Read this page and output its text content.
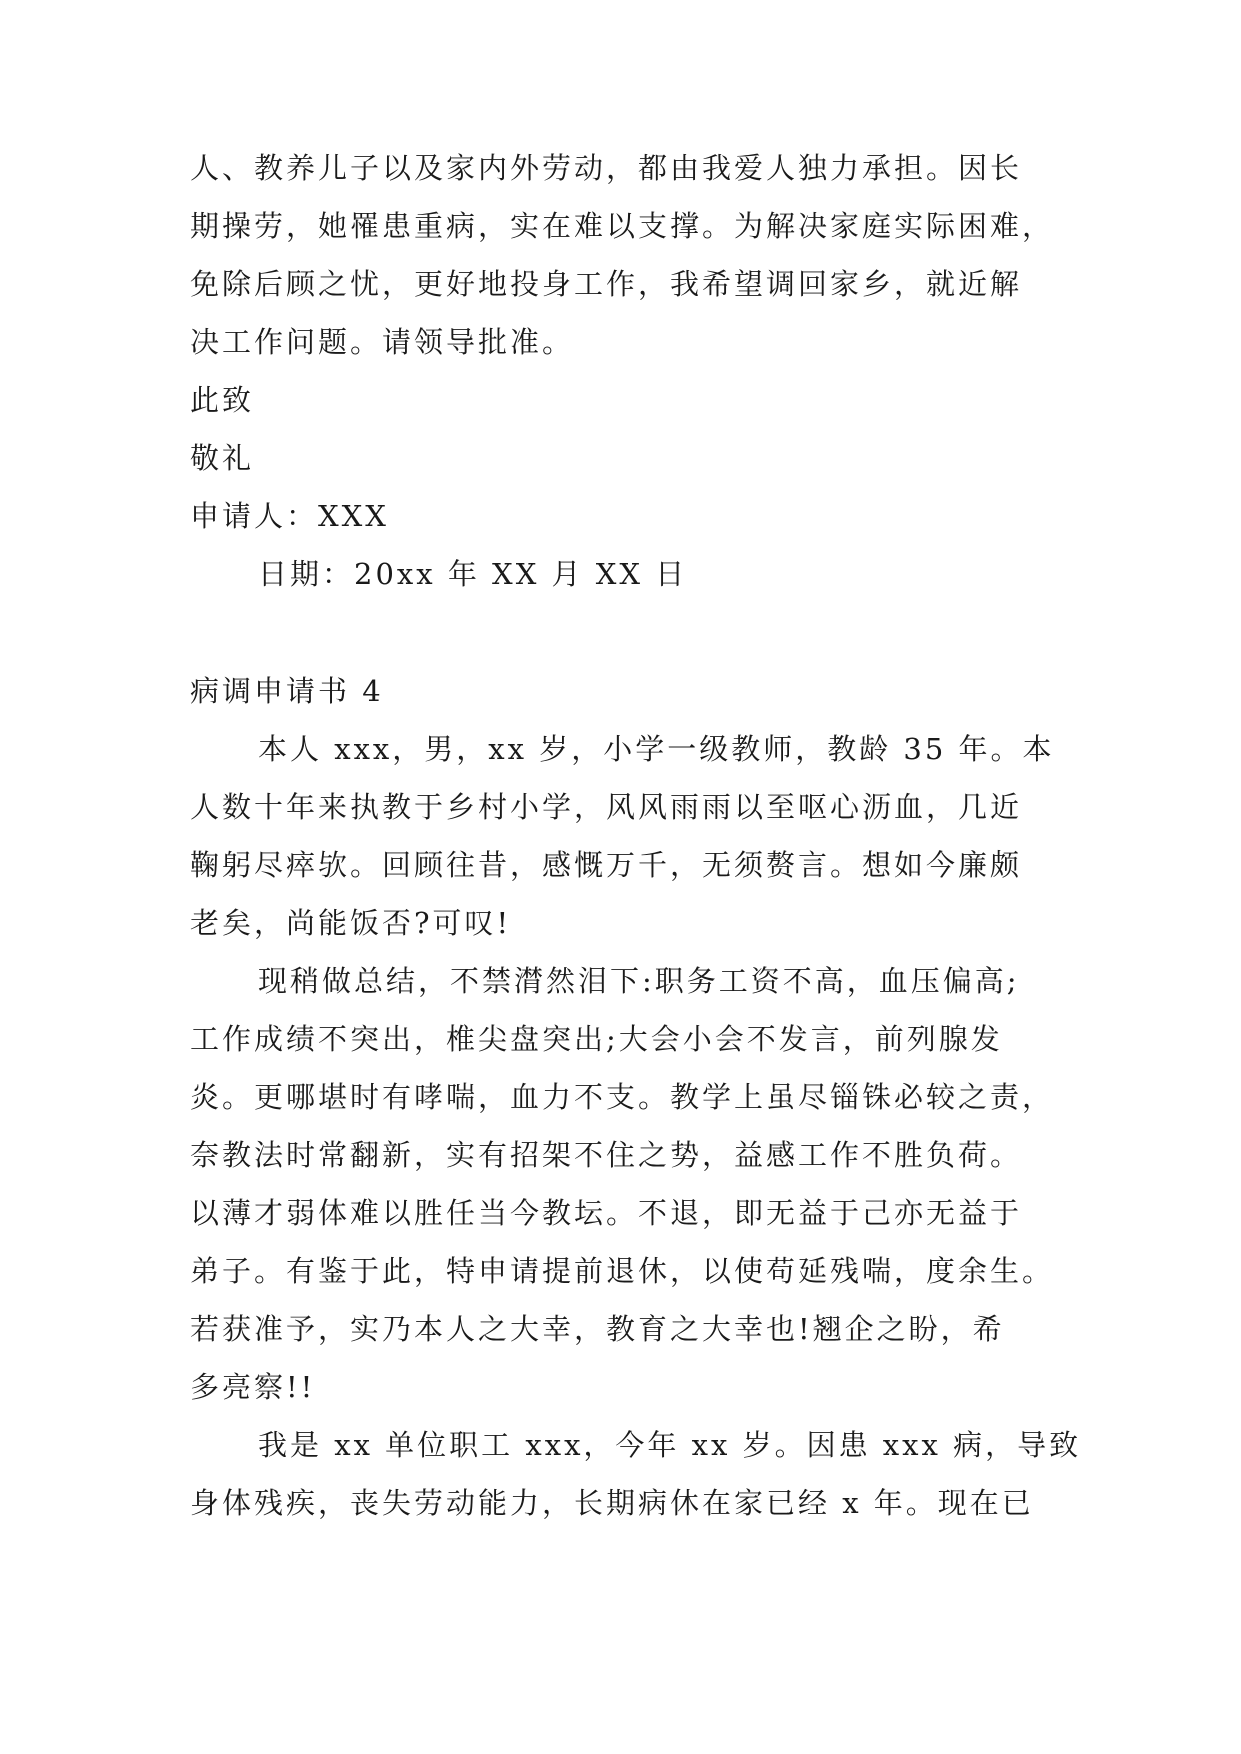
人、教养儿子以及家内外劳动，都由我爱人独力承担。因长
期操劳，她罹患重病，实在难以支撑。为解决家庭实际困难，
免除后顾之忧，更好地投身工作，我希望调回家乡，就近解
决工作问题。请领导批准。
此致
敬礼
申请人：XXX
日期：20xx 年 XX 月 XX 日
病调申请书 4
本人 xxx，男，xx 岁，小学一级教师，教龄 35 年。本
人数十年来执教于乡村小学，风风雨雨以至呕心沥血，几近
鞠躬尽瘁欤。回顾往昔，感慨万千，无须赘言。想如今廉颇
老矣，尚能饭否?可叹!
现稍做总结，不禁潸然泪下:职务工资不高，血压偏高;
工作成绩不突出，椎尖盘突出;大会小会不发言，前列腺发
炎。更哪堪时有哮喘，血力不支。教学上虽尽锱铢必较之责，
奈教法时常翻新，实有招架不住之势，益感工作不胜负荷。
以薄才弱体难以胜任当今教坛。不退，即无益于己亦无益于
弟子。有鉴于此，特申请提前退休，以使苟延残喘，度余生。
若获准予，实乃本人之大幸，教育之大幸也!翘企之盼，希
多亮察!!
我是 xx 单位职工 xxx，今年 xx 岁。因患 xxx 病，导致
身体残疾，丧失劳动能力，长期病休在家已经 x 年。现在已
